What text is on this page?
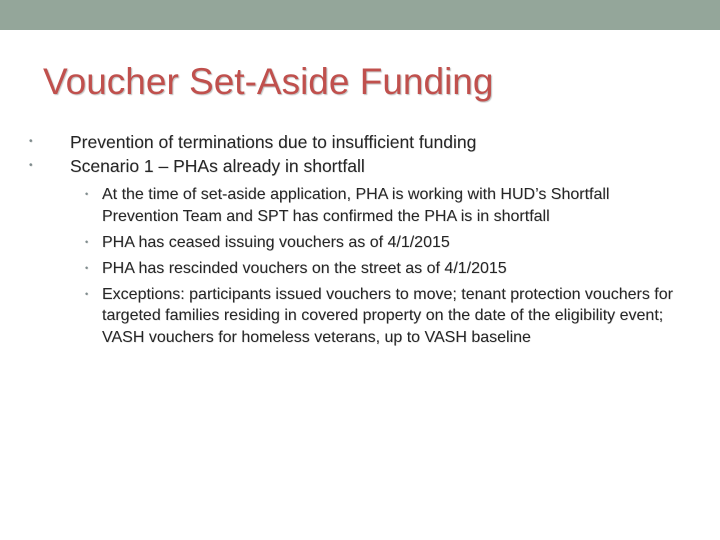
Voucher Set-Aside Funding
• Prevention of terminations due to insufficient funding
• Scenario 1 – PHAs already in shortfall
• At the time of set-aside application, PHA is working with HUD’s Shortfall Prevention Team and SPT has confirmed the PHA is in shortfall
• PHA has ceased issuing vouchers as of 4/1/2015
• PHA has rescinded vouchers on the street as of 4/1/2015
• Exceptions: participants issued vouchers to move; tenant protection vouchers for targeted families residing in covered property on the date of the eligibility event; VASH vouchers for homeless veterans, up to VASH baseline
